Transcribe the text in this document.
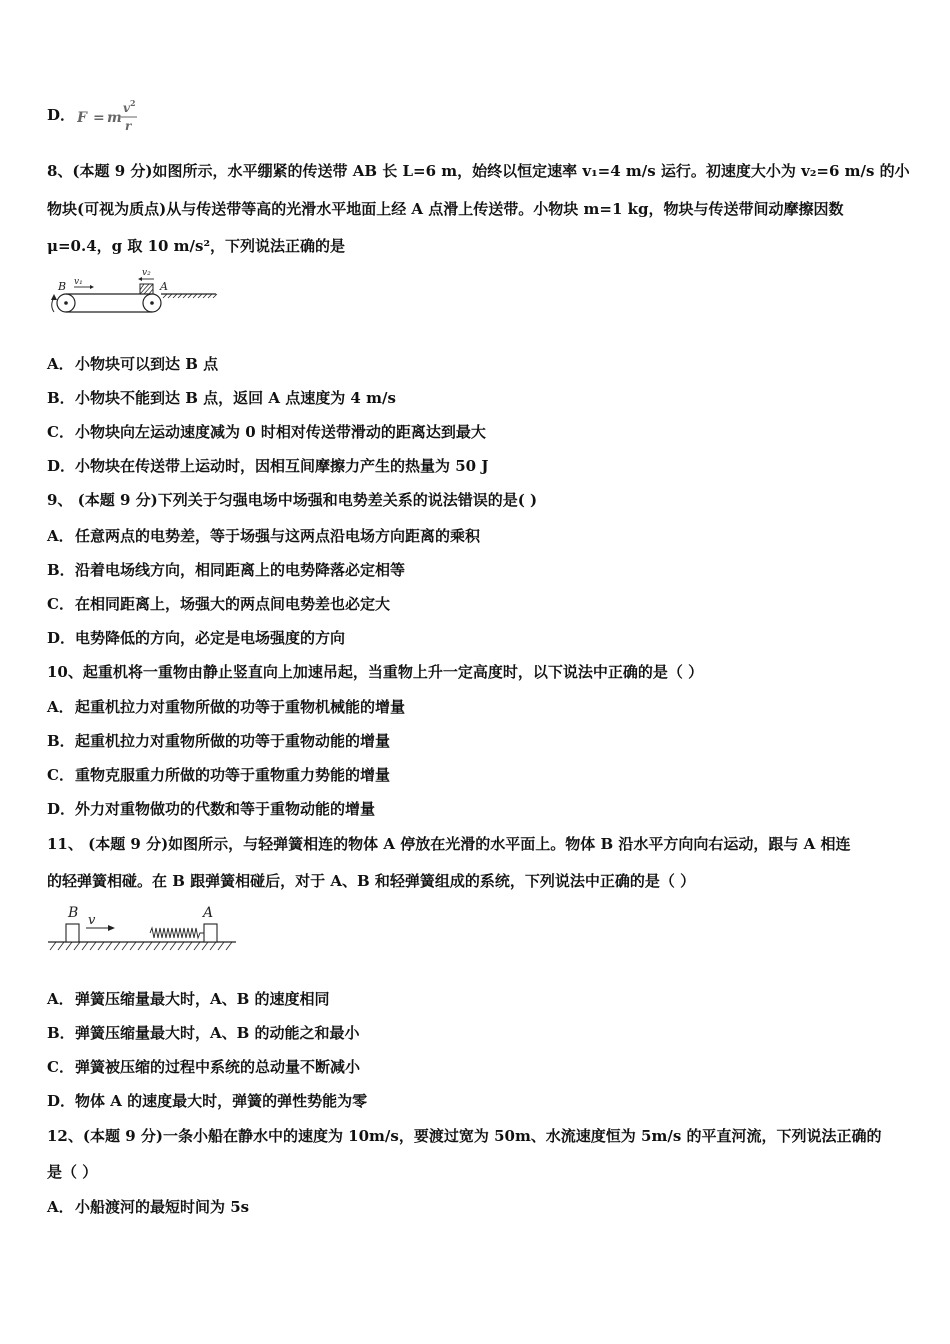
D． F = m
v 2
r
8、(本题 9 分)如图所示，水平绷紧的传送带 AB 长 L=6 m，始终以恒定速率 v₁=4 m/s 运行。初速度大小为 v₂=6 m/s 的小
物块(可视为质点)从与传送带等高的光滑水平地面上经 A 点滑上传送带。小物块 m=1 kg，物块与传送带间动摩擦因数
μ=0.4，g 取 10 m/s²，下列说法正确的是
B	A
v₁
v₂
A．小物块可以到达 B 点
B．小物块不能到达 B 点，返回 A 点速度为 4 m/s
C．小物块向左运动速度减为 0 时相对传送带滑动的距离达到最大
D．小物块在传送带上运动时，因相互间摩擦力产生的热量为 50 J
9、 (本题 9 分)下列关于匀强电场中场强和电势差关系的说法错误的是( )
A．任意两点的电势差，等于场强与这两点沿电场方向距离的乘积
B．沿着电场线方向，相同距离上的电势降落必定相等
C．在相同距离上，场强大的两点间电势差也必定大
D．电势降低的方向，必定是电场强度的方向
10、起重机将一重物由静止竖直向上加速吊起，当重物上升一定高度时，以下说法中正确的是（ ）
A．起重机拉力对重物所做的功等于重物机械能的增量
B．起重机拉力对重物所做的功等于重物动能的增量
C．重物克服重力所做的功等于重物重力势能的增量
D．外力对重物做功的代数和等于重物动能的增量
11、 (本题 9 分)如图所示，与轻弹簧相连的物体 A 停放在光滑的水平面上。物体 B 沿水平方向向右运动，跟与 A 相连
的轻弹簧相碰。在 B 跟弹簧相碰后，对于 A、B 和轻弹簧组成的系统，下列说法中正确的是（ ）
B	A
v
A．弹簧压缩量最大时，A、B 的速度相同
B．弹簧压缩量最大时，A、B 的动能之和最小
C．弹簧被压缩的过程中系统的总动量不断减小
D．物体 A 的速度最大时，弹簧的弹性势能为零
12、(本题 9 分)一条小船在静水中的速度为 10m/s，要渡过宽为 50m、水流速度恒为 5m/s 的平直河流，下列说法正确的
是（ ）
A．小船渡河的最短时间为 5s
